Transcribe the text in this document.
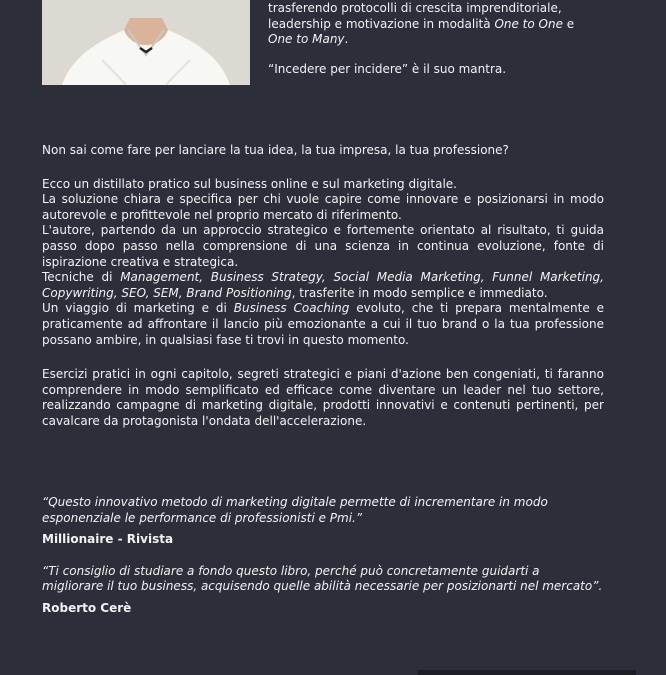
trasferendo protocolli di crescita imprenditoriale,

leadership e motivazione in modalità One to One e

One to Many.

“Incedere per incidere” è il suo mantra.

Non sai come fare per lanciare la tua idea, la tua impresa, la tua professione?

Ecco un distillato pratico sul business online e sul marketing digitale.

La soluzione chiara e specifica per chi vuole capire come innovare e posizionarsi in modo autorevole e profittevole nel proprio mercato di riferimento.

L'autore, partendo da un approccio strategico e fortemente orientato al risultato, ti guida passo dopo passo nella comprensione di una scienza in continua evoluzione, fonte di ispirazione creativa e strategica.

Tecniche di Management, Business Strategy, Social Media Marketing, Funnel Marketing, Copywriting, SEO, SEM, Brand Positioning, trasferite in modo semplice e immediato.

Un viaggio di marketing e di Business Coaching evoluto, che ti prepara mentalmente e praticamente ad affrontare il lancio più emozionante a cui il tuo brand o la tua professione possano ambire, in qualsiasi fase ti trovi in questo momento.

Esercizi pratici in ogni capitolo, segreti strategici e piani d'azione ben congeniati, ti faranno comprendere in modo semplificato ed efficace come diventare un leader nel tuo settore, realizzando campagne di marketing digitale, prodotti innovativi e contenuti pertinenti, per cavalcare da protagonista l'ondata dell'accelerazione.

“Questo innovativo metodo di marketing digitale permette di incrementare in modo esponenziale le performance di professionisti e Pmi.”

Millionaire - Rivista

“Ti consiglio di studiare a fondo questo libro, perché può concretamente guidarti a migliorare il tuo business, acquisendo quelle abilità necessarie per posizionarti nel mercato”.

Roberto Cerè
